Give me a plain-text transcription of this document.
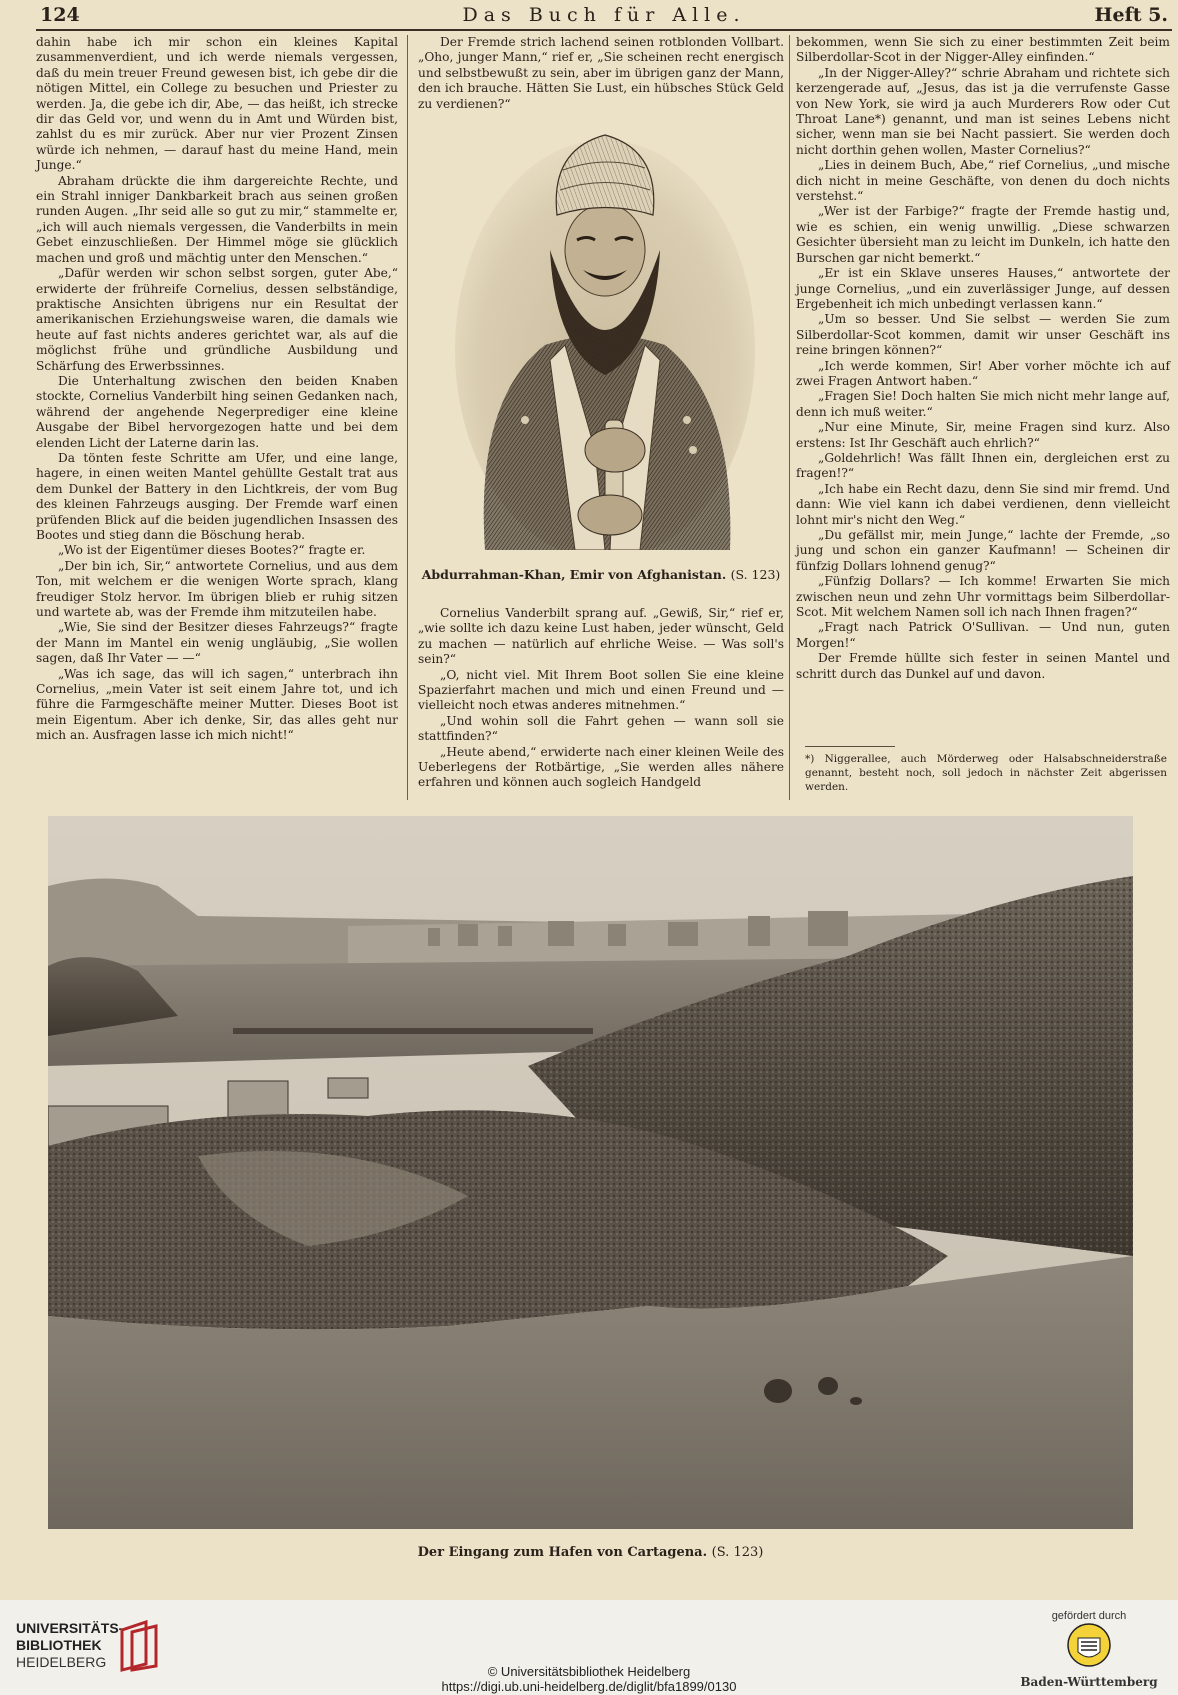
124	Das Buch für Alle.	Heft 5.

dahin habe ich mir schon ein kleines Kapital zusammenverdient, und ich werde niemals vergessen, daß du mein treuer Freund gewesen bist, ich gebe dir die nötigen Mittel, ein College zu besuchen und Priester zu werden. Ja, die gebe ich dir, Abe, — das heißt, ich strecke dir das Geld vor, und wenn du in Amt und Würden bist, zahlst du es mir zurück. Aber nur vier Prozent Zinsen würde ich nehmen, — darauf hast du meine Hand, mein Junge.“

Abraham drückte die ihm dargereichte Rechte, und ein Strahl inniger Dankbarkeit brach aus seinen großen runden Augen. „Ihr seid alle so gut zu mir,“ stammelte er, „ich will auch niemals vergessen, die Vanderbilts in mein Gebet einzuschließen. Der Himmel möge sie glücklich machen und groß und mächtig unter den Menschen.“

„Dafür werden wir schon selbst sorgen, guter Abe,“ erwiderte der frühreife Cornelius, dessen selbständige, praktische Ansichten übrigens nur ein Resultat der amerikanischen Erziehungsweise waren, die damals wie heute auf fast nichts anderes gerichtet war, als auf die möglichst frühe und gründliche Ausbildung und Schärfung des Erwerbssinnes.

Die Unterhaltung zwischen den beiden Knaben stockte, Cornelius Vanderbilt hing seinen Gedanken nach, während der angehende Negerprediger eine kleine Ausgabe der Bibel hervorgezogen hatte und bei dem elenden Licht der Laterne darin las.

Da tönten feste Schritte am Ufer, und eine lange, hagere, in einen weiten Mantel gehüllte Gestalt trat aus dem Dunkel der Battery in den Lichtkreis, der vom Bug des kleinen Fahrzeugs ausging. Der Fremde warf einen prüfenden Blick auf die beiden jugendlichen Insassen des Bootes und stieg dann die Böschung herab.

„Wo ist der Eigentümer dieses Bootes?“ fragte er.

„Der bin ich, Sir,“ antwortete Cornelius, und aus dem Ton, mit welchem er die wenigen Worte sprach, klang freudiger Stolz hervor. Im übrigen blieb er ruhig sitzen und wartete ab, was der Fremde ihm mitzuteilen habe.

„Wie, Sie sind der Besitzer dieses Fahrzeugs?“ fragte der Mann im Mantel ein wenig ungläubig, „Sie wollen sagen, daß Ihr Vater — —“

„Was ich sage, das will ich sagen,“ unterbrach ihn Cornelius, „mein Vater ist seit einem Jahre tot, und ich führe die Farmgeschäfte meiner Mutter. Dieses Boot ist mein Eigentum. Aber ich denke, Sir, das alles geht nur mich an. Ausfragen lasse ich mich nicht!“

Der Fremde strich lachend seinen rotblonden Vollbart. „Oho, junger Mann,“ rief er, „Sie scheinen recht energisch und selbstbewußt zu sein, aber im übrigen ganz der Mann, den ich brauche. Hätten Sie Lust, ein hübsches Stück Geld zu verdienen?“

Abdurrahman-Khan, Emir von Afghanistan. (S. 123)

Cornelius Vanderbilt sprang auf. „Gewiß, Sir,“ rief er, „wie sollte ich dazu keine Lust haben, jeder wünscht, Geld zu machen — natürlich auf ehrliche Weise. — Was soll's sein?“

„O, nicht viel. Mit Ihrem Boot sollen Sie eine kleine Spazierfahrt machen und mich und einen Freund und — vielleicht noch etwas anderes mitnehmen.“

„Und wohin soll die Fahrt gehen — wann soll sie stattfinden?“

„Heute abend,“ erwiderte nach einer kleinen Weile des Ueberlegens der Rotbärtige, „Sie werden alles nähere erfahren und können auch sogleich Handgeld

bekommen, wenn Sie sich zu einer bestimmten Zeit beim Silberdollar-Scot in der Nigger-Alley einfinden.“

„In der Nigger-Alley?“ schrie Abraham und richtete sich kerzengerade auf, „Jesus, das ist ja die verrufenste Gasse von New York, sie wird ja auch Murderers Row oder Cut Throat Lane*) genannt, und man ist seines Lebens nicht sicher, wenn man sie bei Nacht passiert. Sie werden doch nicht dorthin gehen wollen, Master Cornelius?“

„Lies in deinem Buch, Abe,“ rief Cornelius, „und mische dich nicht in meine Geschäfte, von denen du doch nichts verstehst.“

„Wer ist der Farbige?“ fragte der Fremde hastig und, wie es schien, ein wenig unwillig. „Diese schwarzen Gesichter übersieht man zu leicht im Dunkeln, ich hatte den Burschen gar nicht bemerkt.“

„Er ist ein Sklave unseres Hauses,“ antwortete der junge Cornelius, „und ein zuverlässiger Junge, auf dessen Ergebenheit ich mich unbedingt verlassen kann.“

„Um so besser. Und Sie selbst — werden Sie zum Silberdollar-Scot kommen, damit wir unser Geschäft ins reine bringen können?“

„Ich werde kommen, Sir! Aber vorher möchte ich auf zwei Fragen Antwort haben.“

„Fragen Sie! Doch halten Sie mich nicht mehr lange auf, denn ich muß weiter.“

„Nur eine Minute, Sir, meine Fragen sind kurz. Also erstens: Ist Ihr Geschäft auch ehrlich?“

„Goldehrlich! Was fällt Ihnen ein, dergleichen erst zu fragen!?“

„Ich habe ein Recht dazu, denn Sie sind mir fremd. Und dann: Wie viel kann ich dabei verdienen, denn vielleicht lohnt mir's nicht den Weg.“

„Du gefällst mir, mein Junge,“ lachte der Fremde, „so jung und schon ein ganzer Kaufmann! — Scheinen dir fünfzig Dollars lohnend genug?“

„Fünfzig Dollars? — Ich komme! Erwarten Sie mich zwischen neun und zehn Uhr vormittags beim Silberdollar-Scot. Mit welchem Namen soll ich nach Ihnen fragen?“

„Fragt nach Patrick O'Sullivan. — Und nun, guten Morgen!“

Der Fremde hüllte sich fester in seinen Mantel und schritt durch das Dunkel auf und davon.

*) Niggerallee, auch Mörderweg oder Halsabschneiderstraße genannt, besteht noch, soll jedoch in nächster Zeit abgerissen werden.
Der Eingang zum Hafen von Cartagena. (S. 123)
UNIVERSITÄTS-
BIBLIOTHEK
HEIDELBERG
© Universitätsbibliothek Heidelberg
https://digi.ub.uni-heidelberg.de/diglit/bfa1899/0130
gefördert durch
Baden-Württemberg
